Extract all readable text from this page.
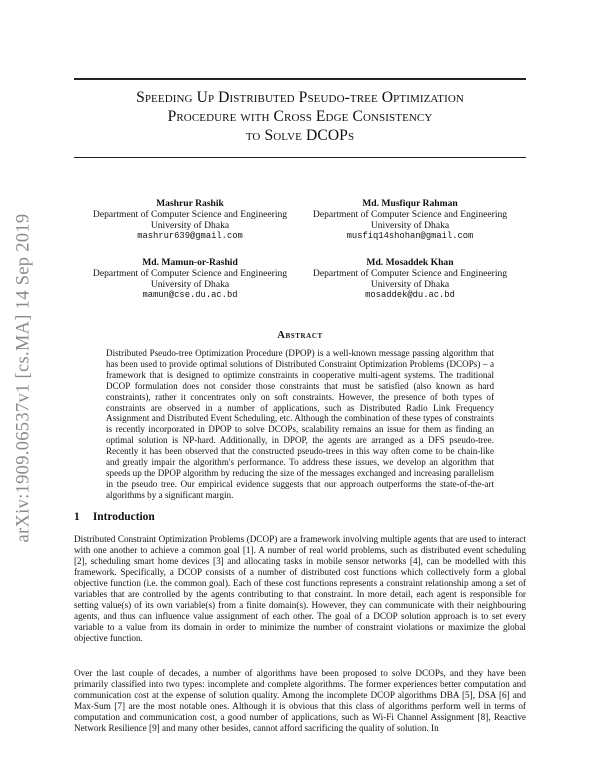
arXiv:1909.06537v1 [cs.MA] 14 Sep 2019
Speeding Up Distributed Pseudo-tree Optimization
Procedure with Cross Edge Consistency
to Solve DCOPs
Mashrur Rashik
Department of Computer Science and Engineering
University of Dhaka
mashrur639@gmail.com
Md. Musfiqur Rahman
Department of Computer Science and Engineering
University of Dhaka
musfiq14shohan@gmail.com
Md. Mamun-or-Rashid
Department of Computer Science and Engineering
University of Dhaka
mamun@cse.du.ac.bd
Md. Mosaddek Khan
Department of Computer Science and Engineering
University of Dhaka
mosaddek@du.ac.bd
Abstract
Distributed Pseudo-tree Optimization Procedure (DPOP) is a well-known message passing algorithm that has been used to provide optimal solutions of Distributed Constraint Optimization Problems (DCOPs) – a framework that is designed to optimize constraints in cooperative multi-agent systems. The traditional DCOP formulation does not consider those constraints that must be satisfied (also known as hard constraints), rather it concentrates only on soft constraints. However, the presence of both types of constraints are observed in a number of applications, such as Distributed Radio Link Frequency Assignment and Distributed Event Scheduling, etc. Although the combination of these types of constraints is recently incorporated in DPOP to solve DCOPs, scalability remains an issue for them as finding an optimal solution is NP-hard. Additionally, in DPOP, the agents are arranged as a DFS pseudo-tree. Recently it has been observed that the constructed pseudo-trees in this way often come to be chain-like and greatly impair the algorithm's performance. To address these issues, we develop an algorithm that speeds up the DPOP algorithm by reducing the size of the messages exchanged and increasing parallelism in the pseudo tree. Our empirical evidence suggests that our approach outperforms the state-of-the-art algorithms by a significant margin.
1 Introduction
Distributed Constraint Optimization Problems (DCOP) are a framework involving multiple agents that are used to interact with one another to achieve a common goal [1]. A number of real world problems, such as distributed event scheduling [2], scheduling smart home devices [3] and allocating tasks in mobile sensor networks [4], can be modelled with this framework. Specifically, a DCOP consists of a number of distributed cost functions which collectively form a global objective function (i.e. the common goal). Each of these cost functions represents a constraint relationship among a set of variables that are controlled by the agents contributing to that constraint. In more detail, each agent is responsible for setting value(s) of its own variable(s) from a finite domain(s). However, they can communicate with their neighbouring agents, and thus can influence value assignment of each other. The goal of a DCOP solution approach is to set every variable to a value from its domain in order to minimize the number of constraint violations or maximize the global objective function.
Over the last couple of decades, a number of algorithms have been proposed to solve DCOPs, and they have been primarily classified into two types: incomplete and complete algorithms. The former experiences better computation and communication cost at the expense of solution quality. Among the incomplete DCOP algorithms DBA [5], DSA [6] and Max-Sum [7] are the most notable ones. Although it is obvious that this class of algorithms perform well in terms of computation and communication cost, a good number of applications, such as Wi-Fi Channel Assignment [8], Reactive Network Resilience [9] and many other besides, cannot afford sacrificing the quality of solution. In
